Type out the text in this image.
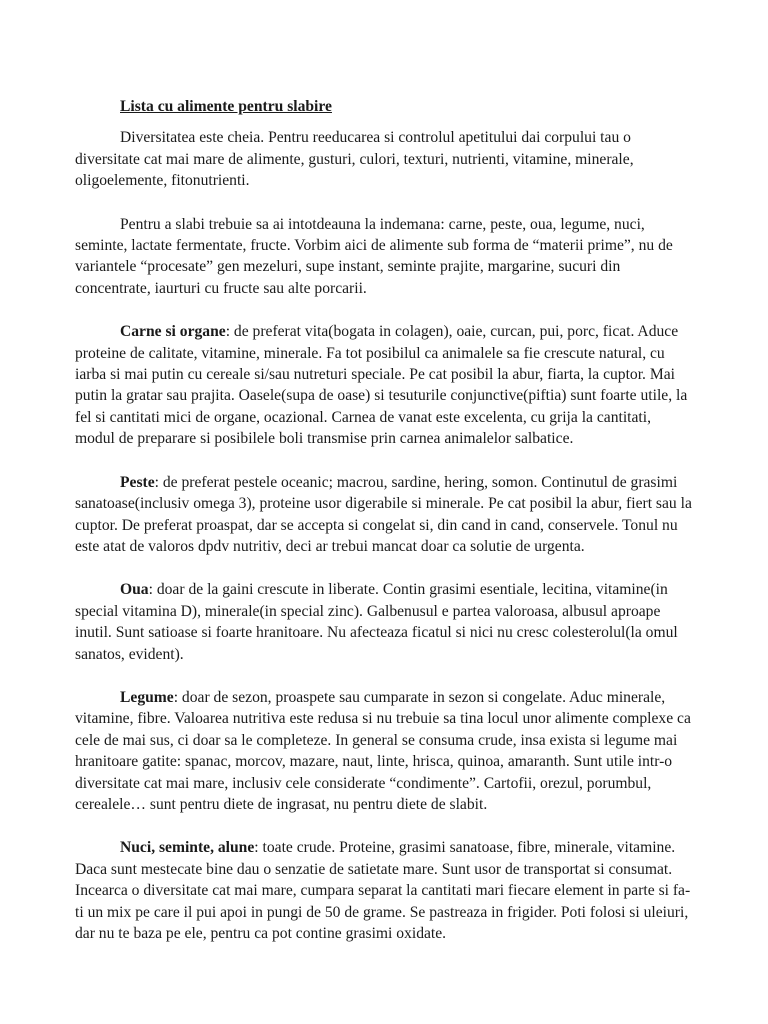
Lista cu alimente pentru slabire

Diversitatea este cheia. Pentru reeducarea si controlul apetitului dai corpului tau o diversitate cat mai mare de alimente, gusturi, culori, texturi, nutrienti, vitamine, minerale, oligoelemente, fitonutrienti.

Pentru a slabi trebuie sa ai intotdeauna la indemana: carne, peste, oua, legume, nuci, seminte, lactate fermentate, fructe. Vorbim aici de alimente sub forma de “materii prime”, nu de variantele “procesate” gen mezeluri, supe instant, seminte prajite, margarine, sucuri din concentrate, iaurturi cu fructe sau alte porcarii.

Carne si organe: de preferat vita(bogata in colagen), oaie, curcan, pui, porc, ficat. Aduce proteine de calitate, vitamine, minerale. Fa tot posibilul ca animalele sa fie crescute natural, cu iarba si mai putin cu cereale si/sau nutreturi speciale. Pe cat posibil la abur, fiarta, la cuptor. Mai putin la gratar sau prajita. Oasele(supa de oase) si tesuturile conjunctive(piftia) sunt foarte utile, la fel si cantitati mici de organe, ocazional. Carnea de vanat este excelenta, cu grija la cantitati, modul de preparare si posibilele boli transmise prin carnea animalelor salbatice.

Peste: de preferat pestele oceanic; macrou, sardine, hering, somon. Continutul de grasimi sanatoase(inclusiv omega 3), proteine usor digerabile si minerale. Pe cat posibil la abur, fiert sau la cuptor. De preferat proaspat, dar se accepta si congelat si, din cand in cand, conservele. Tonul nu este atat de valoros dpdv nutritiv, deci ar trebui mancat doar ca solutie de urgenta.

Oua: doar de la gaini crescute in liberate. Contin grasimi esentiale, lecitina, vitamine(in special vitamina D), minerale(in special zinc). Galbenusul e partea valoroasa, albusul aproape inutil. Sunt satioase si foarte hranitoare. Nu afecteaza ficatul si nici nu cresc colesterolul(la omul sanatos, evident).

Legume: doar de sezon, proaspete sau cumparate in sezon si congelate. Aduc minerale, vitamine, fibre. Valoarea nutritiva este redusa si nu trebuie sa tina locul unor alimente complexe ca cele de mai sus, ci doar sa le completeze. In general se consuma crude, insa exista si legume mai hranitoare gatite: spanac, morcov, mazare, naut, linte, hrisca, quinoa, amaranth. Sunt utile intr-o diversitate cat mai mare, inclusiv cele considerate “condimente”. Cartofii, orezul, porumbul, cerealele… sunt pentru diete de ingrasat, nu pentru diete de slabit.

Nuci, seminte, alune: toate crude. Proteine, grasimi sanatoase, fibre, minerale, vitamine. Daca sunt mestecate bine dau o senzatie de satietate mare. Sunt usor de transportat si consumat. Incearca o diversitate cat mai mare, cumpara separat la cantitati mari fiecare element in parte si fa-ti un mix pe care il pui apoi in pungi de 50 de grame. Se pastreaza in frigider. Poti folosi si uleiuri, dar nu te baza pe ele, pentru ca pot contine grasimi oxidate.
